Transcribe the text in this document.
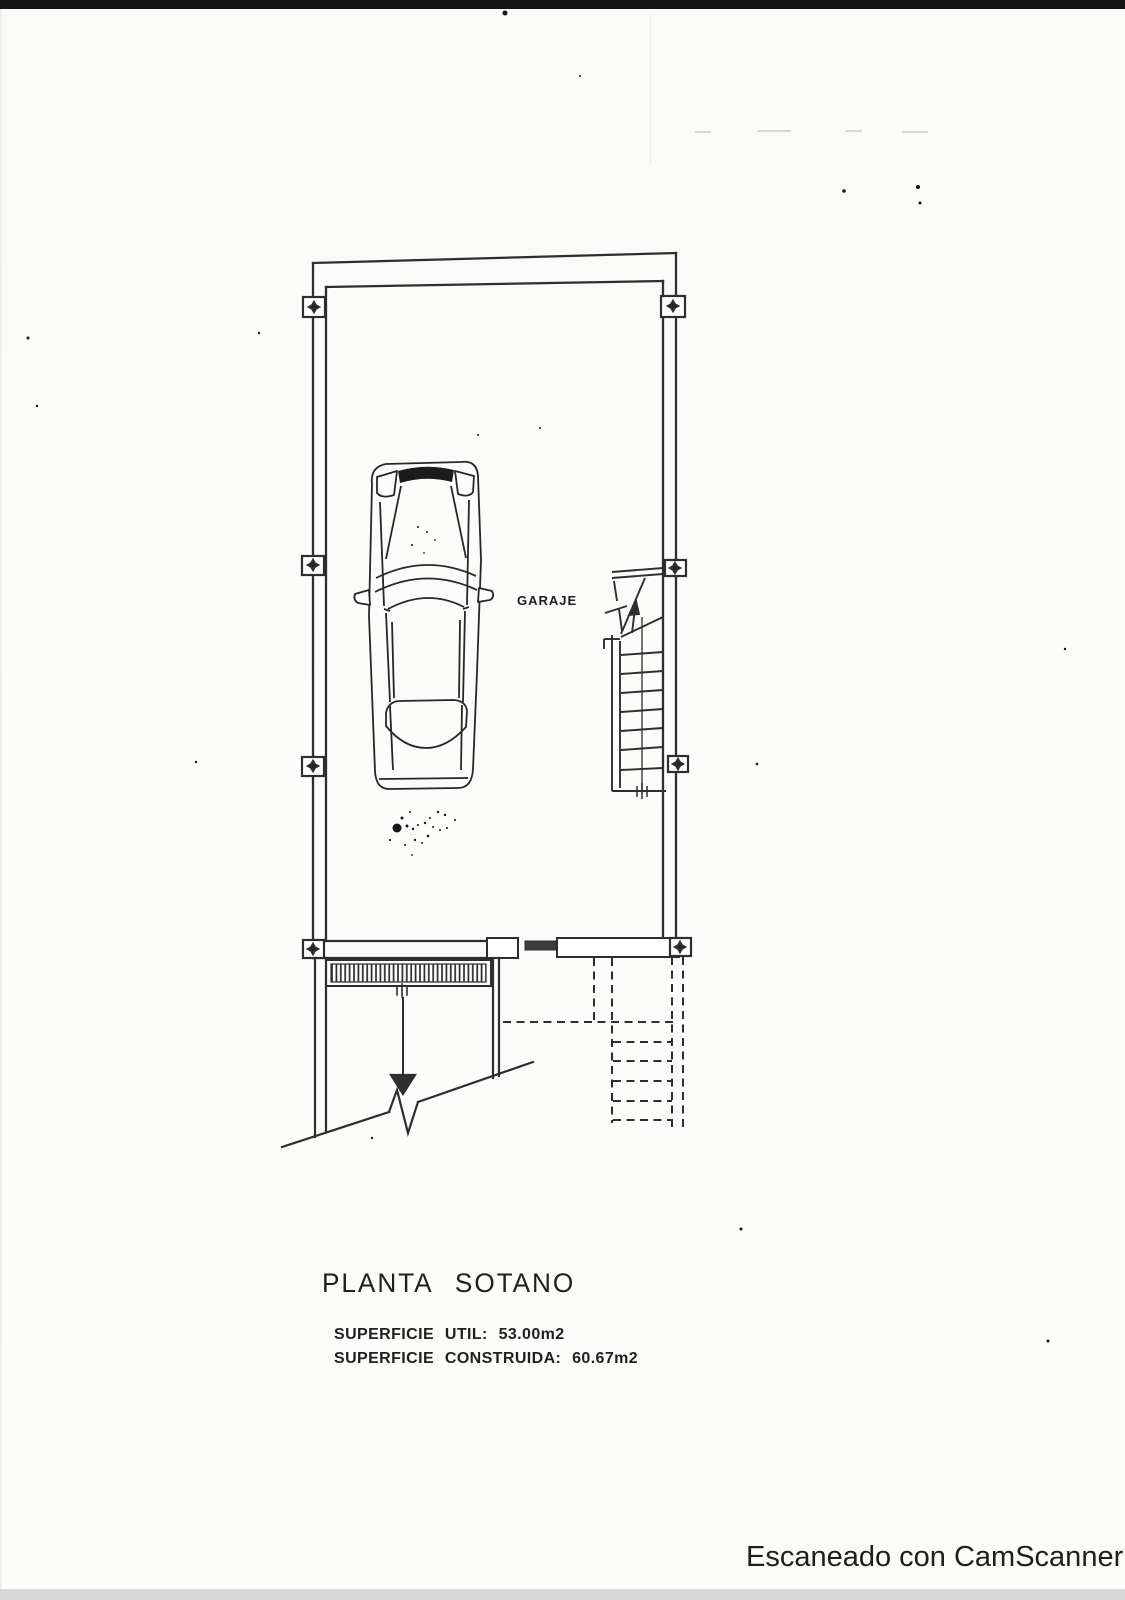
GARAJE
PLANTA SOTANO
SUPERFICIE UTIL: 53.00m2
SUPERFICIE CONSTRUIDA: 60.67m2
Escaneado con CamScanner
